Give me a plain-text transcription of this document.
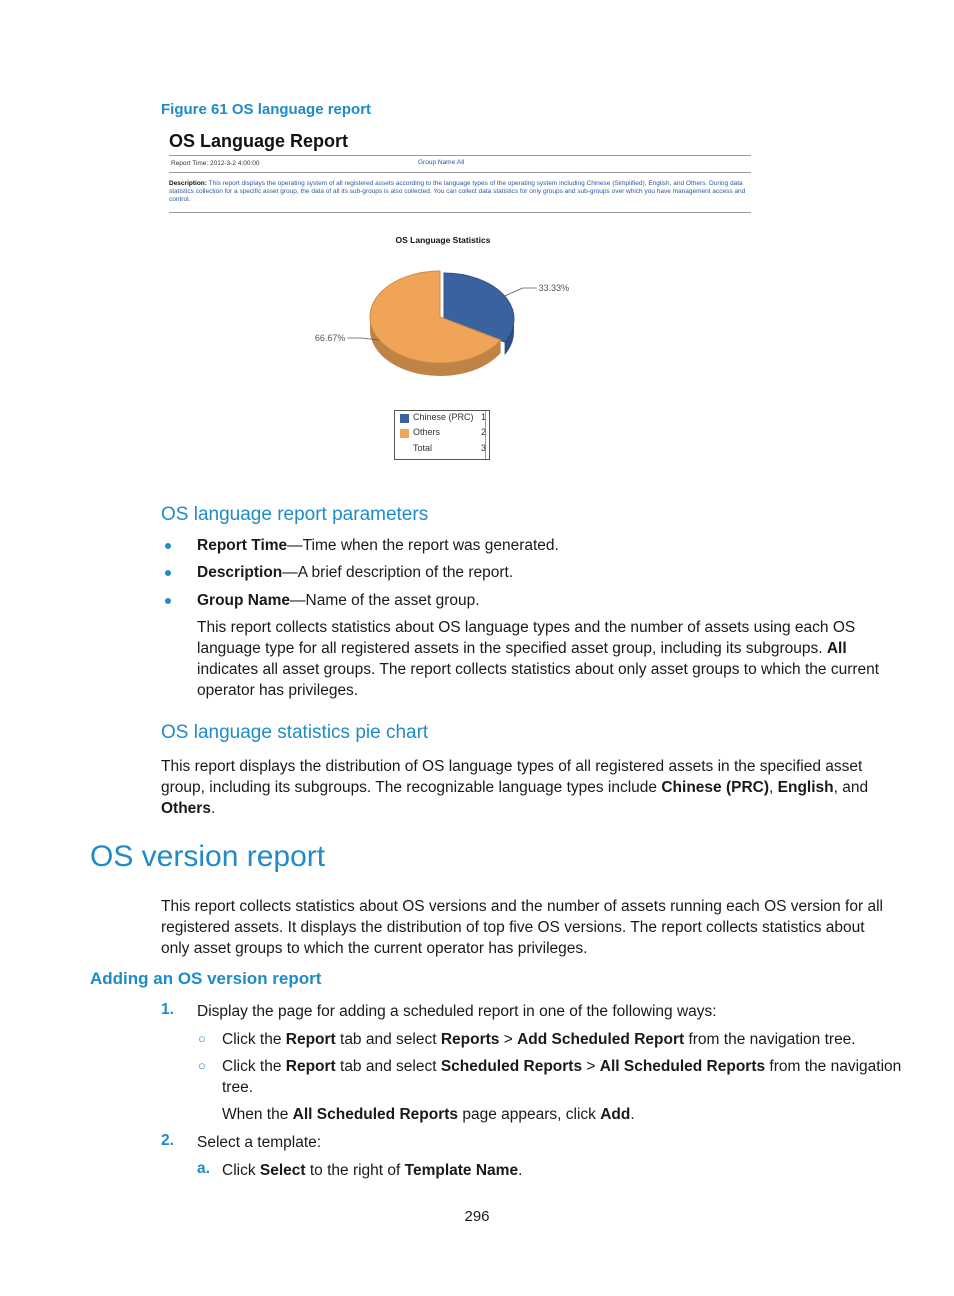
Figure 61 OS language report
OS Language Report
Report Time: 2012-3-2 4:00:00	Group Name:All
Description: This report displays the operating system of all registered assets according to the language types of the operating system including Chinese (Simplified), English, and Others. During data statistics collection for a specific asset group, the data of all its sub-groups is also collected. You can collect data statistics for only groups and sub-groups over which you have management access and control.
OS Language Statistics
33.33%
66.67%
Chinese (PRC) 1
Others	2
Total	3
OS language report parameters
Report Time—Time when the report was generated.
Description—A brief description of the report.
Group Name—Name of the asset group.
This report collects statistics about OS language types and the number of assets using each OS
language type for all registered assets in the specified asset group, including its subgroups. All
indicates all asset groups. The report collects statistics about only asset groups to which the current
operator has privileges.
OS language statistics pie chart
This report displays the distribution of OS language types of all registered assets in the specified asset
group, including its subgroups. The recognizable language types include Chinese (PRC), English, and
Others.
OS version report
This report collects statistics about OS versions and the number of assets running each OS version for all
registered assets. It displays the distribution of top five OS versions. The report collects statistics about
only asset groups to which the current operator has privileges.
Adding an OS version report
1. Display the page for adding a scheduled report in one of the following ways:
○ Click the Report tab and select Reports > Add Scheduled Report from the navigation tree.
○ Click the Report tab and select Scheduled Reports > All Scheduled Reports from the navigation
tree.
When the All Scheduled Reports page appears, click Add.
2. Select a template:
a. Click Select to the right of Template Name.
296
